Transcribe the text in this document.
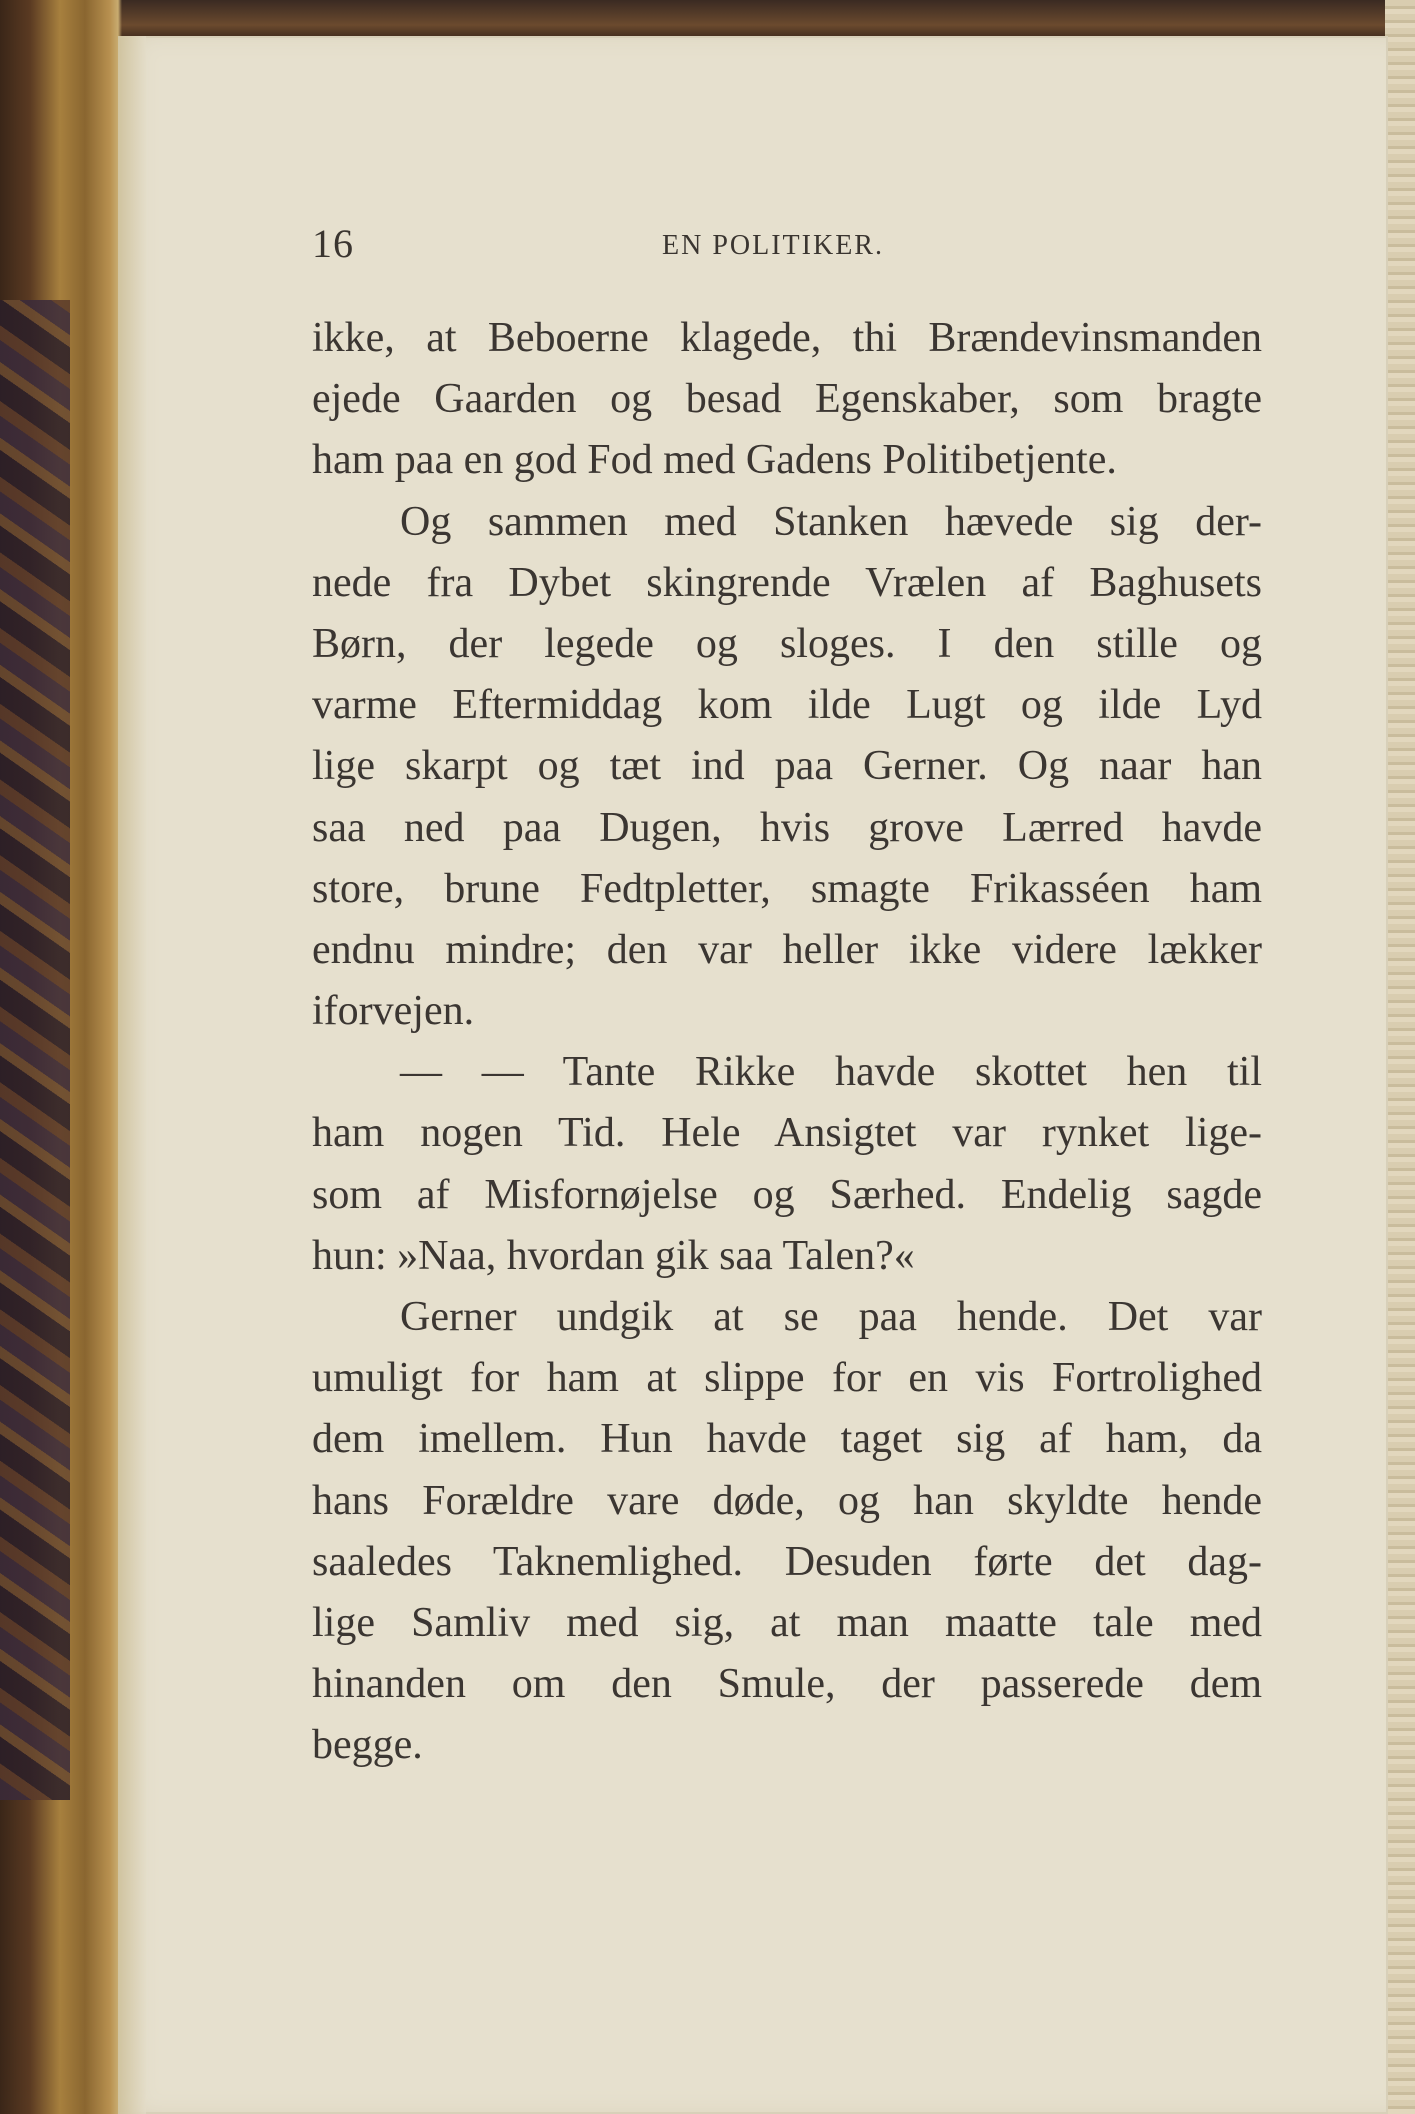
16	EN POLITIKER.
ikke, at Beboerne klagede, thi Brændevinsmanden
ejede Gaarden og besad Egenskaber, som bragte
ham paa en god Fod med Gadens Politibetjente.
Og sammen med Stanken hævede sig der-
nede fra Dybet skingrende Vrælen af Baghusets
Børn, der legede og sloges. I den stille og
varme Eftermiddag kom ilde Lugt og ilde Lyd
lige skarpt og tæt ind paa Gerner. Og naar han
saa ned paa Dugen, hvis grove Lærred havde
store, brune Fedtpletter, smagte Frikasséen ham
endnu mindre; den var heller ikke videre lækker
iforvejen.
— — Tante Rikke havde skottet hen til
ham nogen Tid. Hele Ansigtet var rynket lige-
som af Misfornøjelse og Særhed. Endelig sagde
hun: »Naa, hvordan gik saa Talen?«
Gerner undgik at se paa hende. Det var
umuligt for ham at slippe for en vis Fortrolighed
dem imellem. Hun havde taget sig af ham, da
hans Forældre vare døde, og han skyldte hende
saaledes Taknemlighed. Desuden førte det dag-
lige Samliv med sig, at man maatte tale med
hinanden om den Smule, der passerede dem
begge.
